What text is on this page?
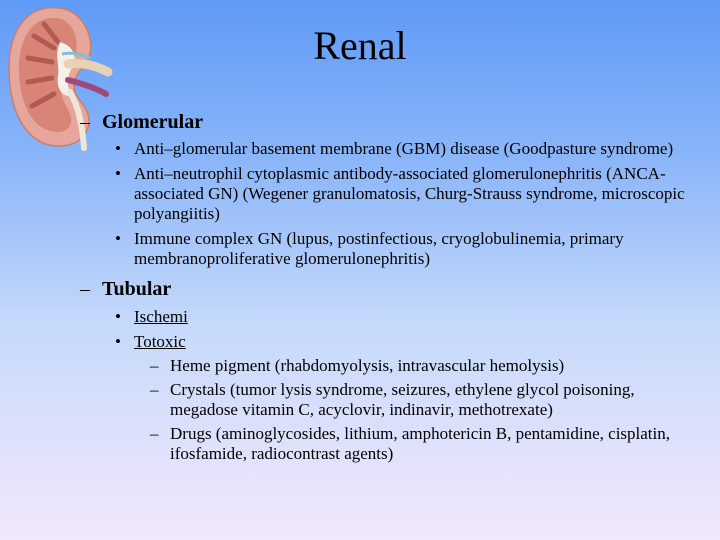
Renal
– Glomerular
• Anti–glomerular basement membrane (GBM) disease (Goodpasture syndrome)
• Anti–neutrophil cytoplasmic antibody-associated glomerulonephritis (ANCA-associated GN) (Wegener granulomatosis, Churg-Strauss syndrome, microscopic polyangiitis)
• Immune complex GN (lupus, postinfectious, cryoglobulinemia, primary membranoproliferative glomerulonephritis)
– Tubular
• Ischemi
• Totoxic
– Heme pigment (rhabdomyolysis, intravascular hemolysis)
– Crystals (tumor lysis syndrome, seizures, ethylene glycol poisoning, megadose vitamin C, acyclovir, indinavir, methotrexate)
– Drugs (aminoglycosides, lithium, amphotericin B, pentamidine, cisplatin, ifosfamide, radiocontrast agents)
